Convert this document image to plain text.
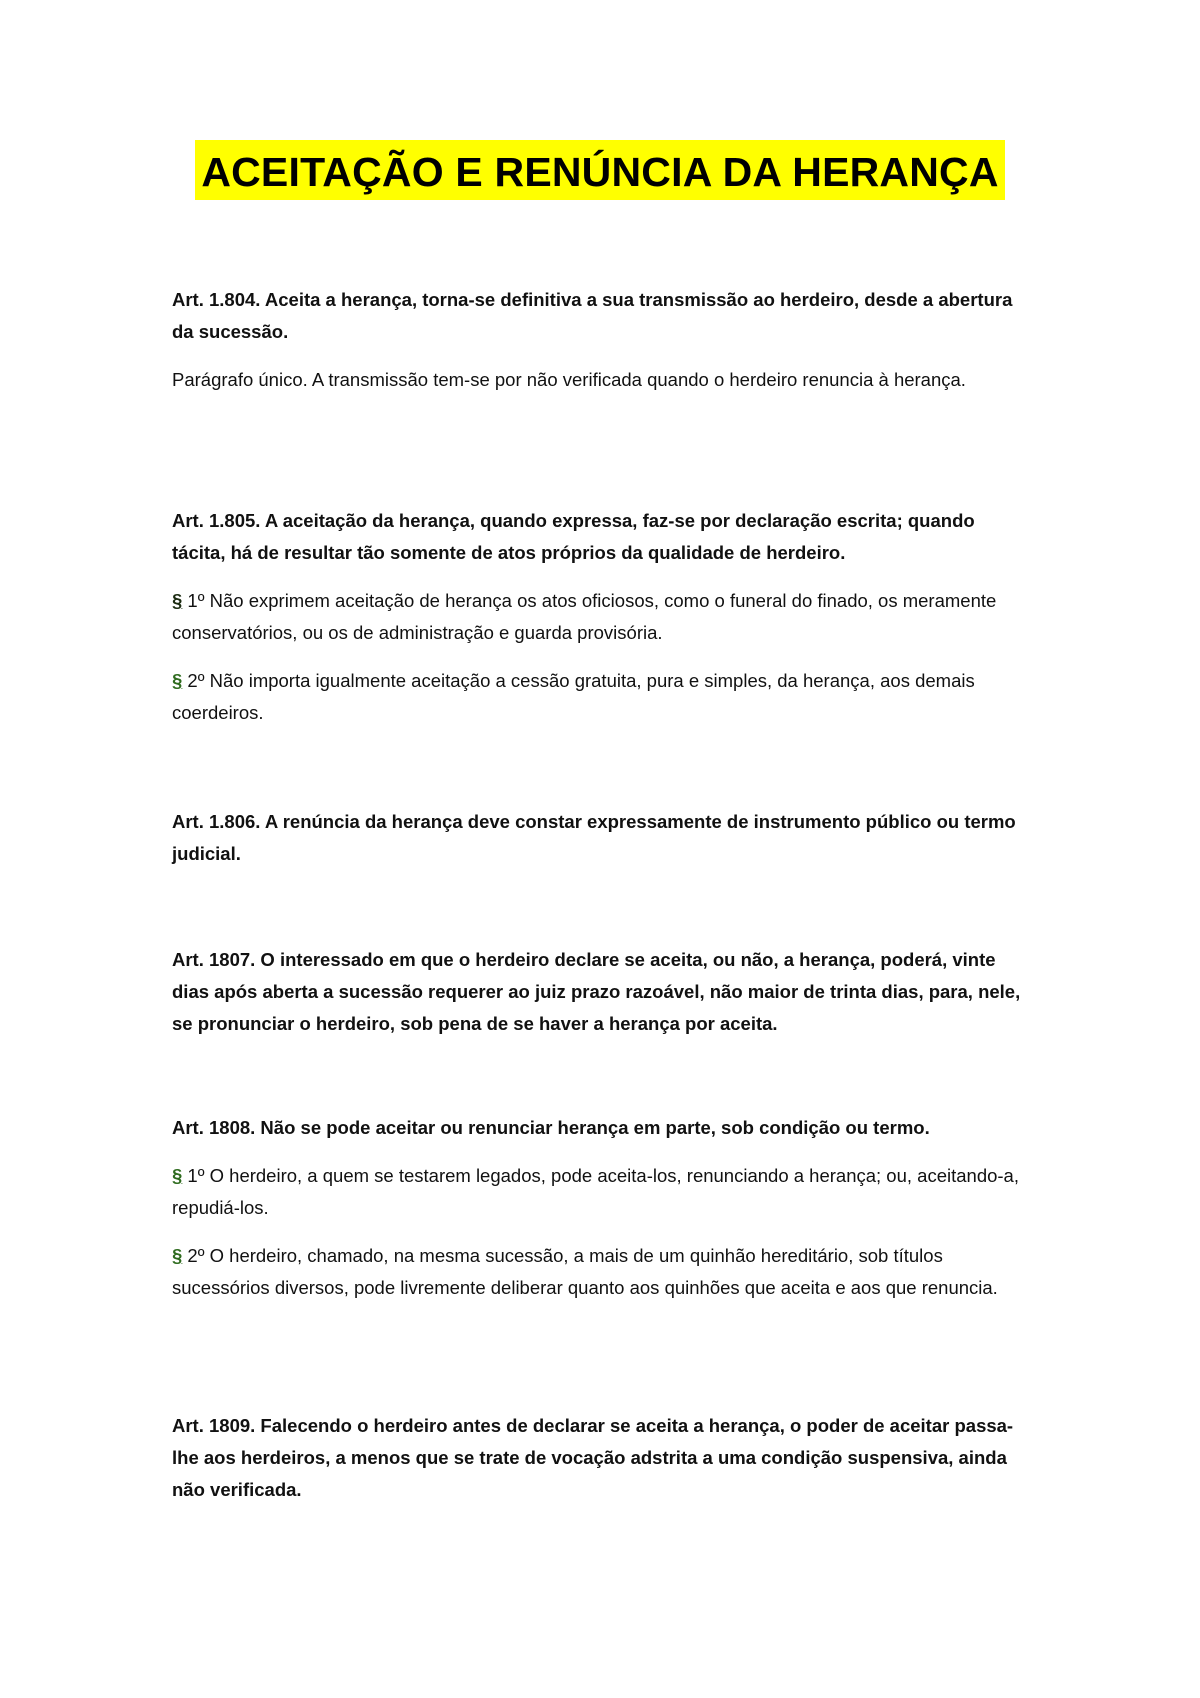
ACEITAÇÃO E RENÚNCIA DA HERANÇA

Art. 1.804. Aceita a herança, torna-se definitiva a sua transmissão ao herdeiro, desde a abertura da sucessão.

Parágrafo único. A transmissão tem-se por não verificada quando o herdeiro renuncia à herança.

Art. 1.805. A aceitação da herança, quando expressa, faz-se por declaração escrita; quando tácita, há de resultar tão somente de atos próprios da qualidade de herdeiro.

§ 1º Não exprimem aceitação de herança os atos oficiosos, como o funeral do finado, os meramente conservatórios, ou os de administração e guarda provisória.

§ 2º Não importa igualmente aceitação a cessão gratuita, pura e simples, da herança, aos demais coerdeiros.

Art. 1.806. A renúncia da herança deve constar expressamente de instrumento público ou termo judicial.

Art. 1807. O interessado em que o herdeiro declare se aceita, ou não, a herança, poderá, vinte dias após aberta a sucessão requerer ao juiz prazo razoável, não maior de trinta dias, para, nele, se pronunciar o herdeiro, sob pena de se haver a herança por aceita.

Art. 1808. Não se pode aceitar ou renunciar herança em parte, sob condição ou termo.

§ 1º O herdeiro, a quem se testarem legados, pode aceita-los, renunciando a herança; ou, aceitando-a, repudiá-los.

§ 2º O herdeiro, chamado, na mesma sucessão, a mais de um quinhão hereditário, sob títulos sucessórios diversos, pode livremente deliberar quanto aos quinhões que aceita e aos que renuncia.

Art. 1809. Falecendo o herdeiro antes de declarar se aceita a herança, o poder de aceitar passa-lhe aos herdeiros, a menos que se trate de vocação adstrita a uma condição suspensiva, ainda não verificada.
